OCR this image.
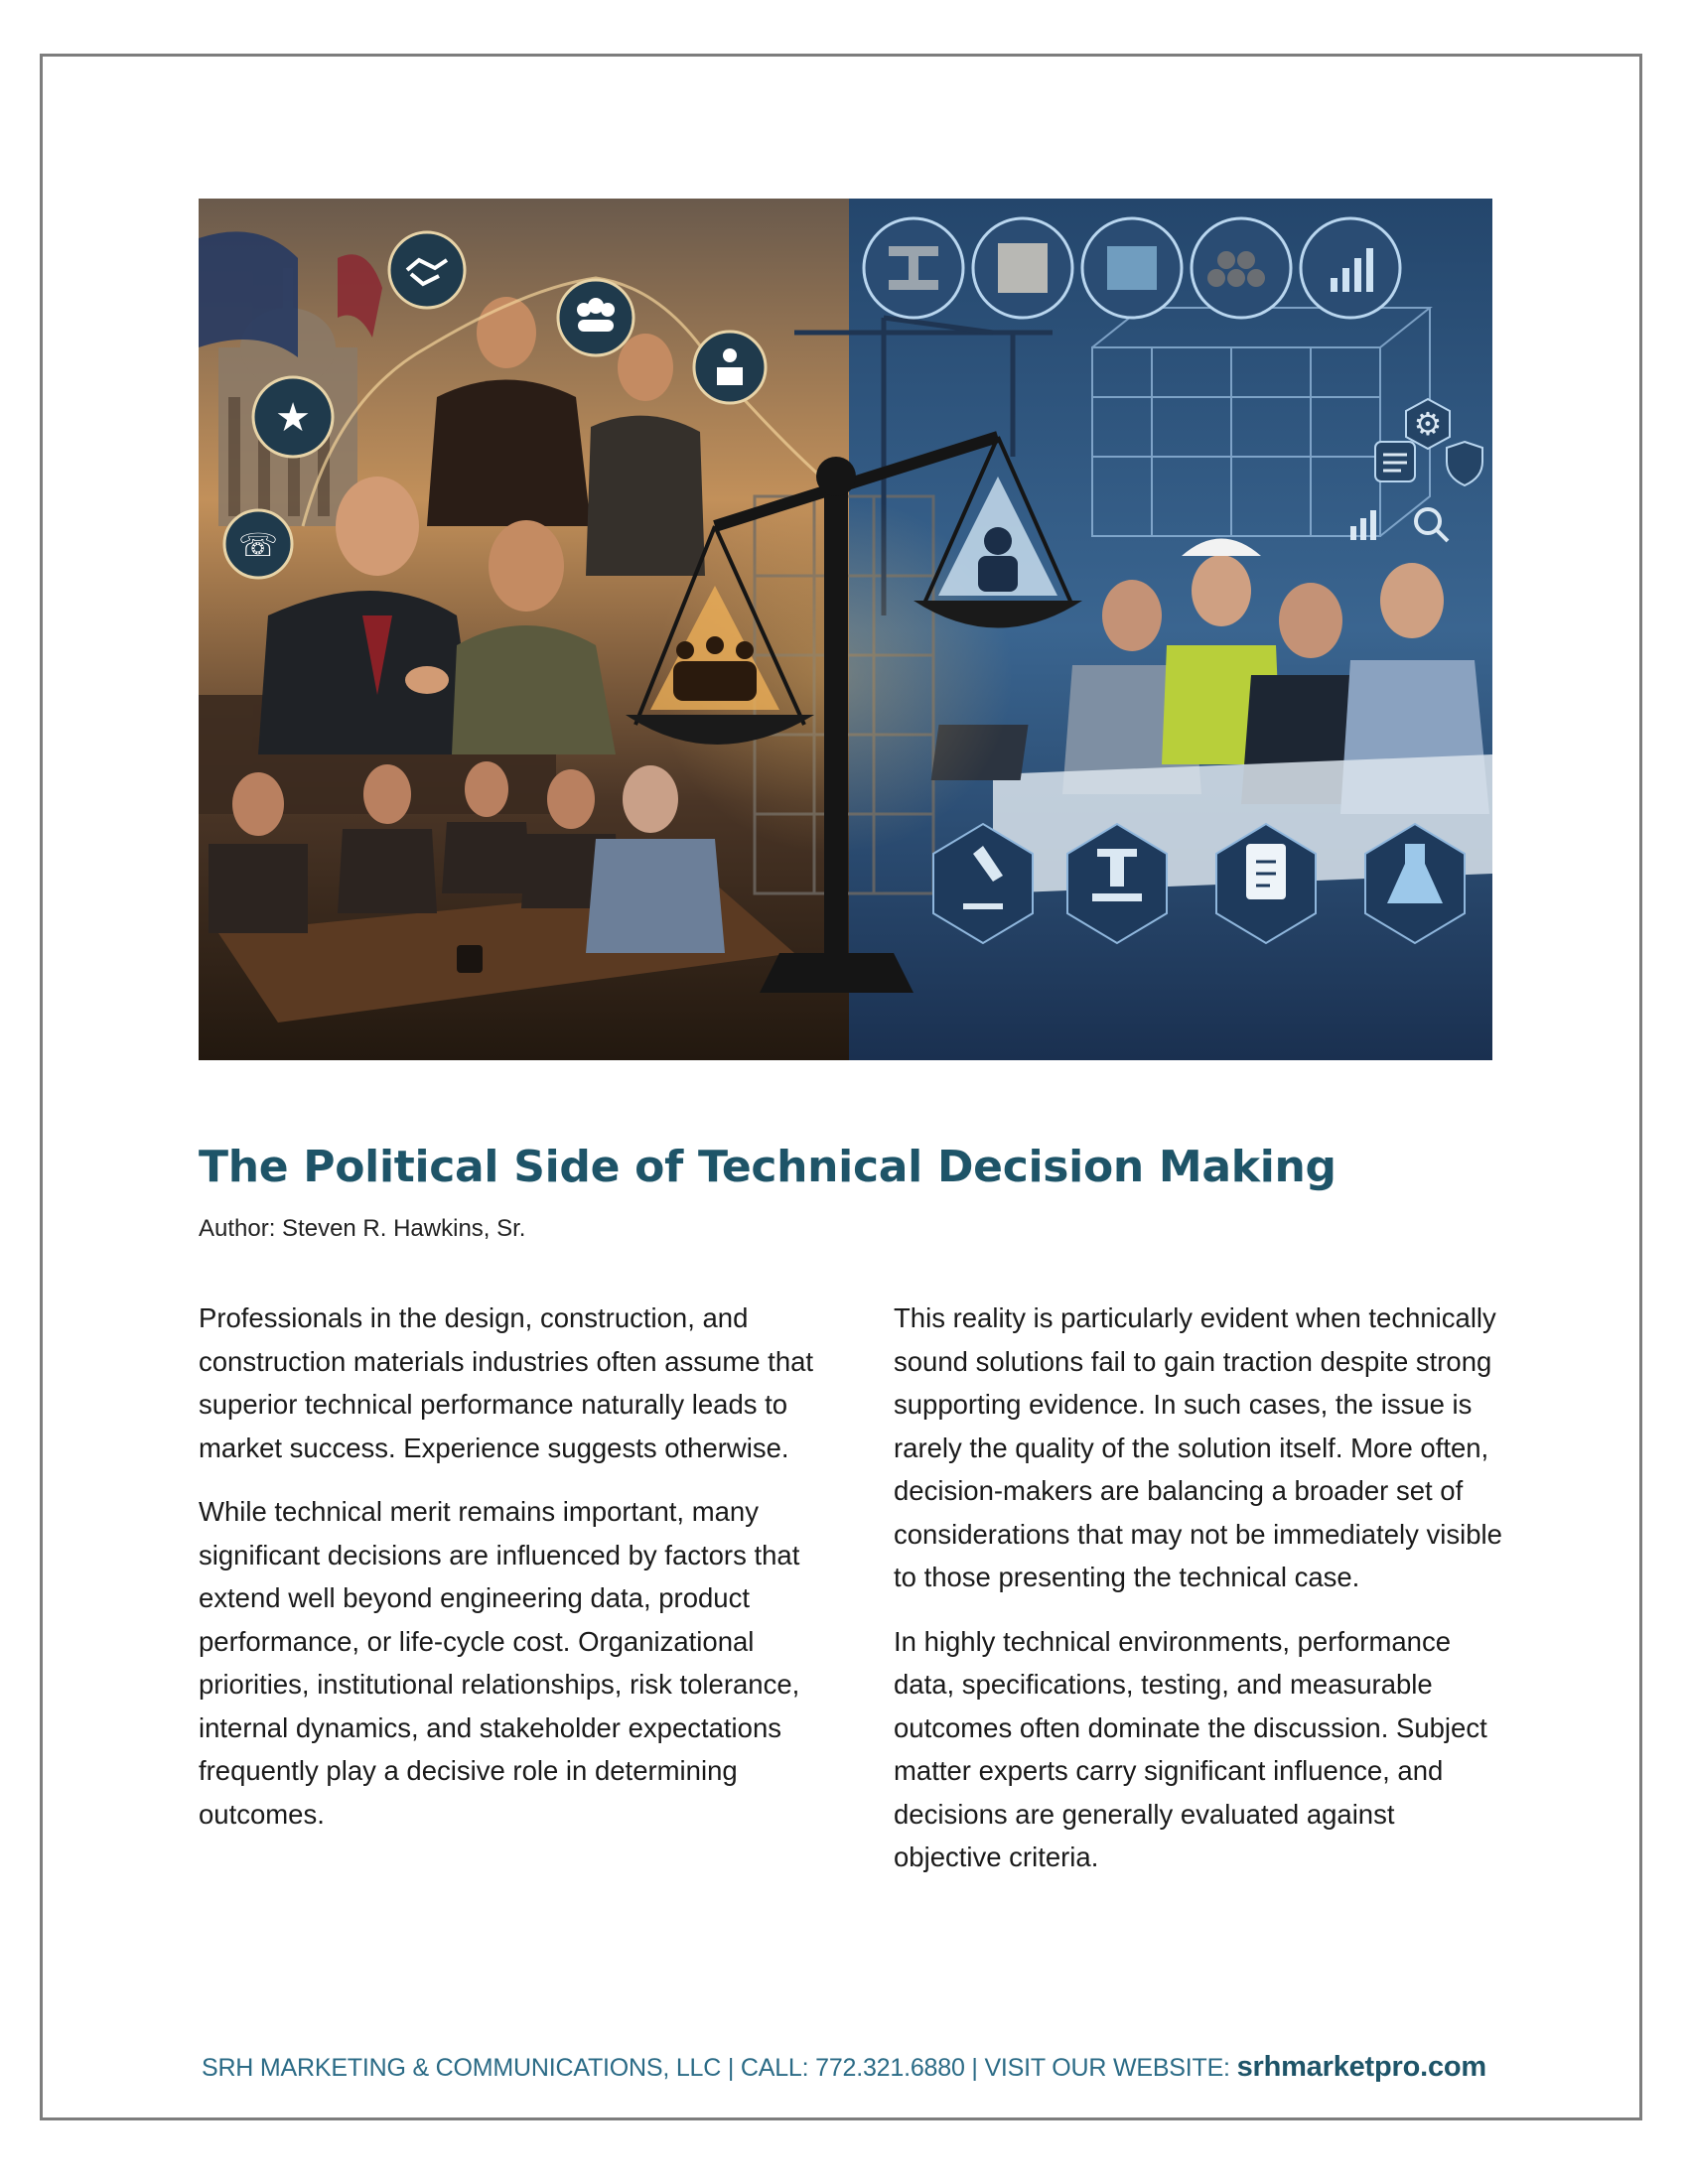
★
☏
⚙
The Political Side of Technical Decision Making
Author: Steven R. Hawkins, Sr.

Professionals in the design, construction, and construction materials industries often assume that superior technical performance naturally leads to market success. Experience suggests otherwise.

While technical merit remains important, many significant decisions are influenced by factors that extend well beyond engineering data, product performance, or life-cycle cost. Organizational priorities, institutional relationships, risk tolerance, internal dynamics, and stakeholder expectations frequently play a decisive role in determining outcomes.

This reality is particularly evident when technically sound solutions fail to gain traction despite strong supporting evidence. In such cases, the issue is rarely the quality of the solution itself. More often, decision-makers are balancing a broader set of considerations that may not be immediately visible to those presenting the technical case.

In highly technical environments, performance data, specifications, testing, and measurable outcomes often dominate the discussion. Subject matter experts carry significant influence, and decisions are generally evaluated against objective criteria.

SRH MARKETING & COMMUNICATIONS, LLC | CALL: 772.321.6880 | VISIT OUR WEBSITE: srhmarketpro.com
